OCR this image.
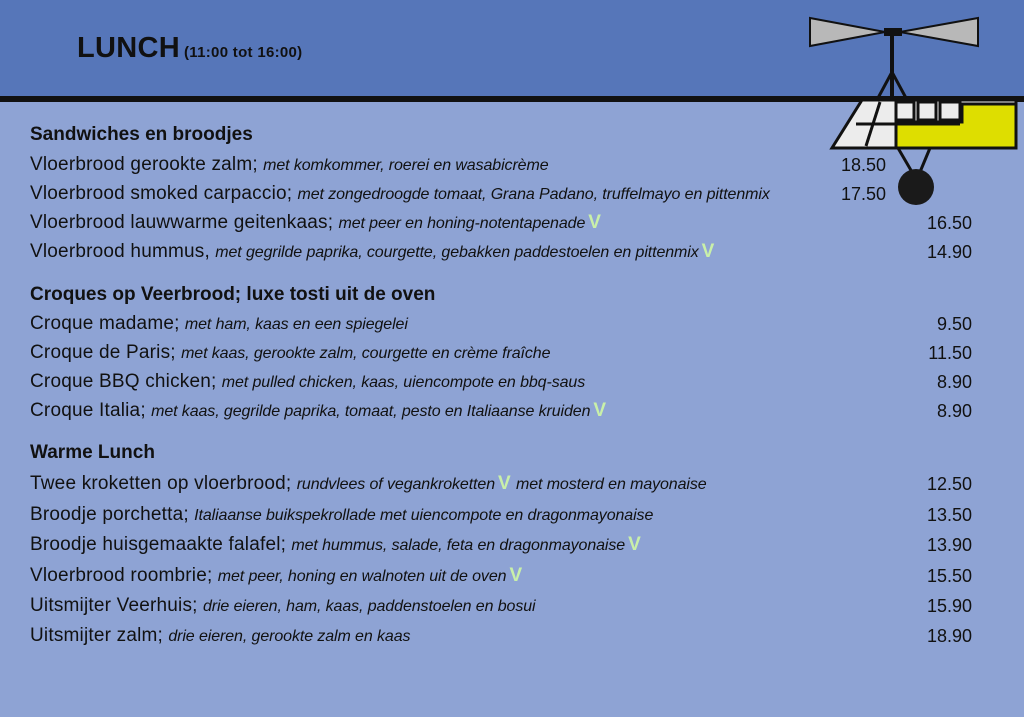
LUNCH (11:00 tot 16:00)
Sandwiches en broodjes
Vloerbrood gerookte zalm; met komkommer, roerei en wasabicrème	18.50
Vloerbrood smoked carpaccio; met zongedroogde tomaat, Grana Padano, truffelmayo en pittenmix	17.50
Vloerbrood lauwwarme geitenkaas; met peer en honing-notentapenade V	16.50
Vloerbrood hummus, met gegrilde paprika, courgette, gebakken paddestoelen en pittenmix V	14.90
Croques op Veerbrood; luxe tosti uit de oven
Croque madame; met ham, kaas en een spiegelei	9.50
Croque de Paris; met kaas, gerookte zalm, courgette en crème fraîche	11.50
Croque BBQ chicken; met pulled chicken, kaas, uiencompote en bbq-saus	8.90
Croque Italia; met kaas, gegrilde paprika, tomaat, pesto en Italiaanse kruiden V	8.90
Warme Lunch
Twee kroketten op vloerbrood; rundvlees of vegankroketten V met mosterd en mayonaise	12.50
Broodje porchetta; Italiaanse buikspekrollade met uiencompote en dragonmayonaise	13.50
Broodje huisgemaakte falafel; met hummus, salade, feta en dragonmayonaise V	13.90
Vloerbrood roombrie; met peer, honing en walnoten uit de oven V	15.50
Uitsmijter Veerhuis; drie eieren, ham, kaas, paddenstoelen en bosui	15.90
Uitsmijter zalm; drie eieren, gerookte zalm en kaas	18.90
